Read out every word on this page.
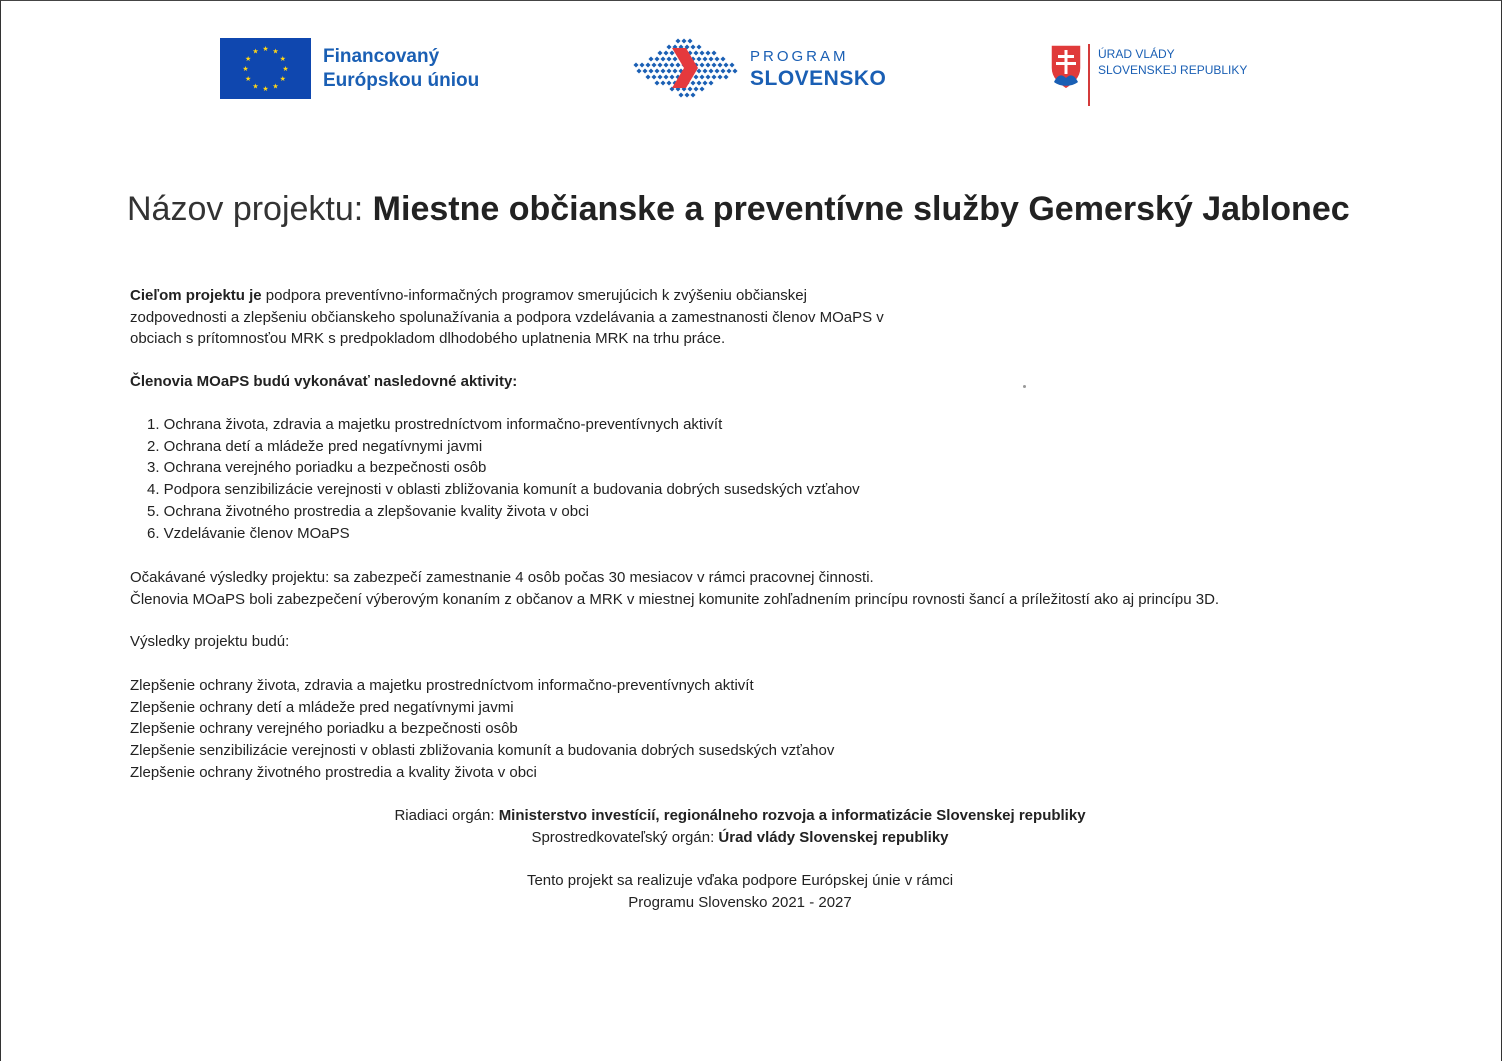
★ ★
★
★
★
★
★
★
★
★
★
★	Financovaný
Európskou úniou
PROGRAM
SLOVENSKO
ÚRAD VLÁDY
SLOVENSKEJ REPUBLIKY
Názov projektu: Miestne občianske a preventívne služby Gemerský Jablonec
Cieľom projektu je podpora preventívno-informačných programov smerujúcich k zvýšeniu občianskej zodpovednosti a zlepšeniu občianskeho spolunažívania a podpora vzdelávania a zamestnanosti členov MOaPS v obciach s prítomnosťou MRK s predpokladom dlhodobého uplatnenia MRK na trhu práce.
Členovia MOaPS budú vykonávať nasledovné aktivity:
1. Ochrana života, zdravia a majetku prostredníctvom informačno-preventívnych aktivít
2. Ochrana detí a mládeže pred negatívnymi javmi
3. Ochrana verejného poriadku a bezpečnosti osôb
4. Podpora senzibilizácie verejnosti v oblasti zbližovania komunít a budovania dobrých susedských vzťahov
5. Ochrana životného prostredia a zlepšovanie kvality života v obci
6. Vzdelávanie členov MOaPS
Očakávané výsledky projektu: sa zabezpečí zamestnanie 4 osôb počas 30 mesiacov v rámci pracovnej činnosti.
Členovia MOaPS boli zabezpečení výberovým konaním z občanov a MRK v miestnej komunite zohľadnením princípu rovnosti šancí a príležitostí ako aj princípu 3D.
Výsledky projektu budú:
Zlepšenie ochrany života, zdravia a majetku prostredníctvom informačno-preventívnych aktivít
Zlepšenie ochrany detí a mládeže pred negatívnymi javmi
Zlepšenie ochrany verejného poriadku a bezpečnosti osôb
Zlepšenie senzibilizácie verejnosti v oblasti zbližovania komunít a budovania dobrých susedských vzťahov
Zlepšenie ochrany životného prostredia a kvality života v obci
Riadiaci orgán: Ministerstvo investícií, regionálneho rozvoja a informatizácie Slovenskej republiky
Sprostredkovateľský orgán: Úrad vlády Slovenskej republiky
Tento projekt sa realizuje vďaka podpore Európskej únie v rámci
Programu Slovensko 2021 - 2027
